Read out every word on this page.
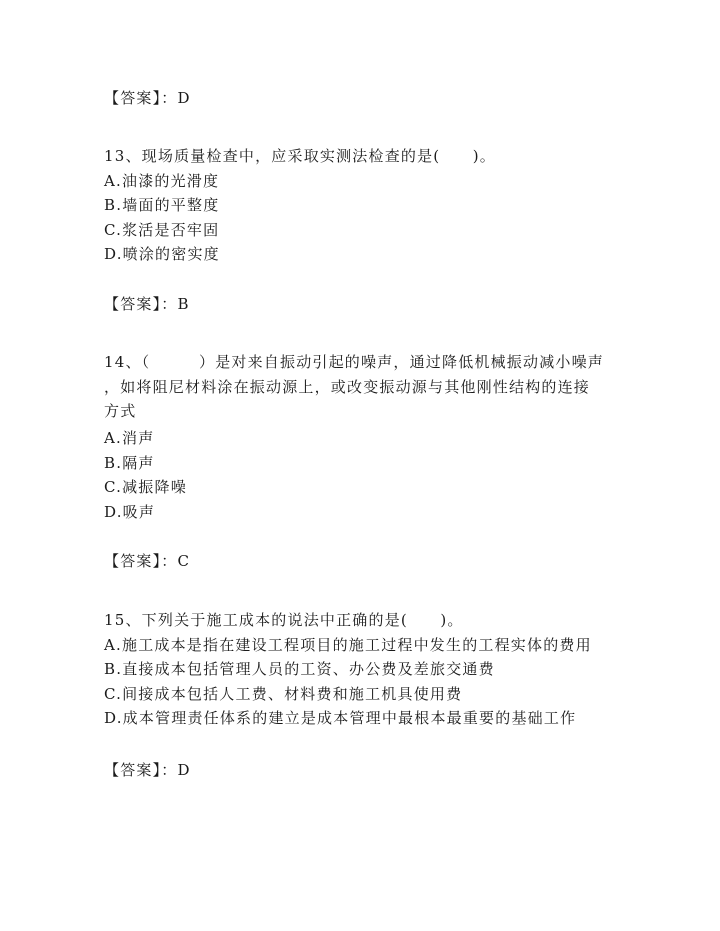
【答案】：D
13、现场质量检查中，应采取实测法检查的是(　　)。
A.油漆的光滑度
B.墙面的平整度
C.浆活是否牢固
D.喷涂的密实度
【答案】：B
14、（　　　）是对来自振动引起的噪声，通过降低机械振动减小噪声
，如将阻尼材料涂在振动源上，或改变振动源与其他刚性结构的连接
方式
A.消声
B.隔声
C.减振降噪
D.吸声
【答案】：C
15、下列关于施工成本的说法中正确的是(　　)。
A.施工成本是指在建设工程项目的施工过程中发生的工程实体的费用
B.直接成本包括管理人员的工资、办公费及差旅交通费
C.间接成本包括人工费、材料费和施工机具使用费
D.成本管理责任体系的建立是成本管理中最根本最重要的基础工作
【答案】：D
